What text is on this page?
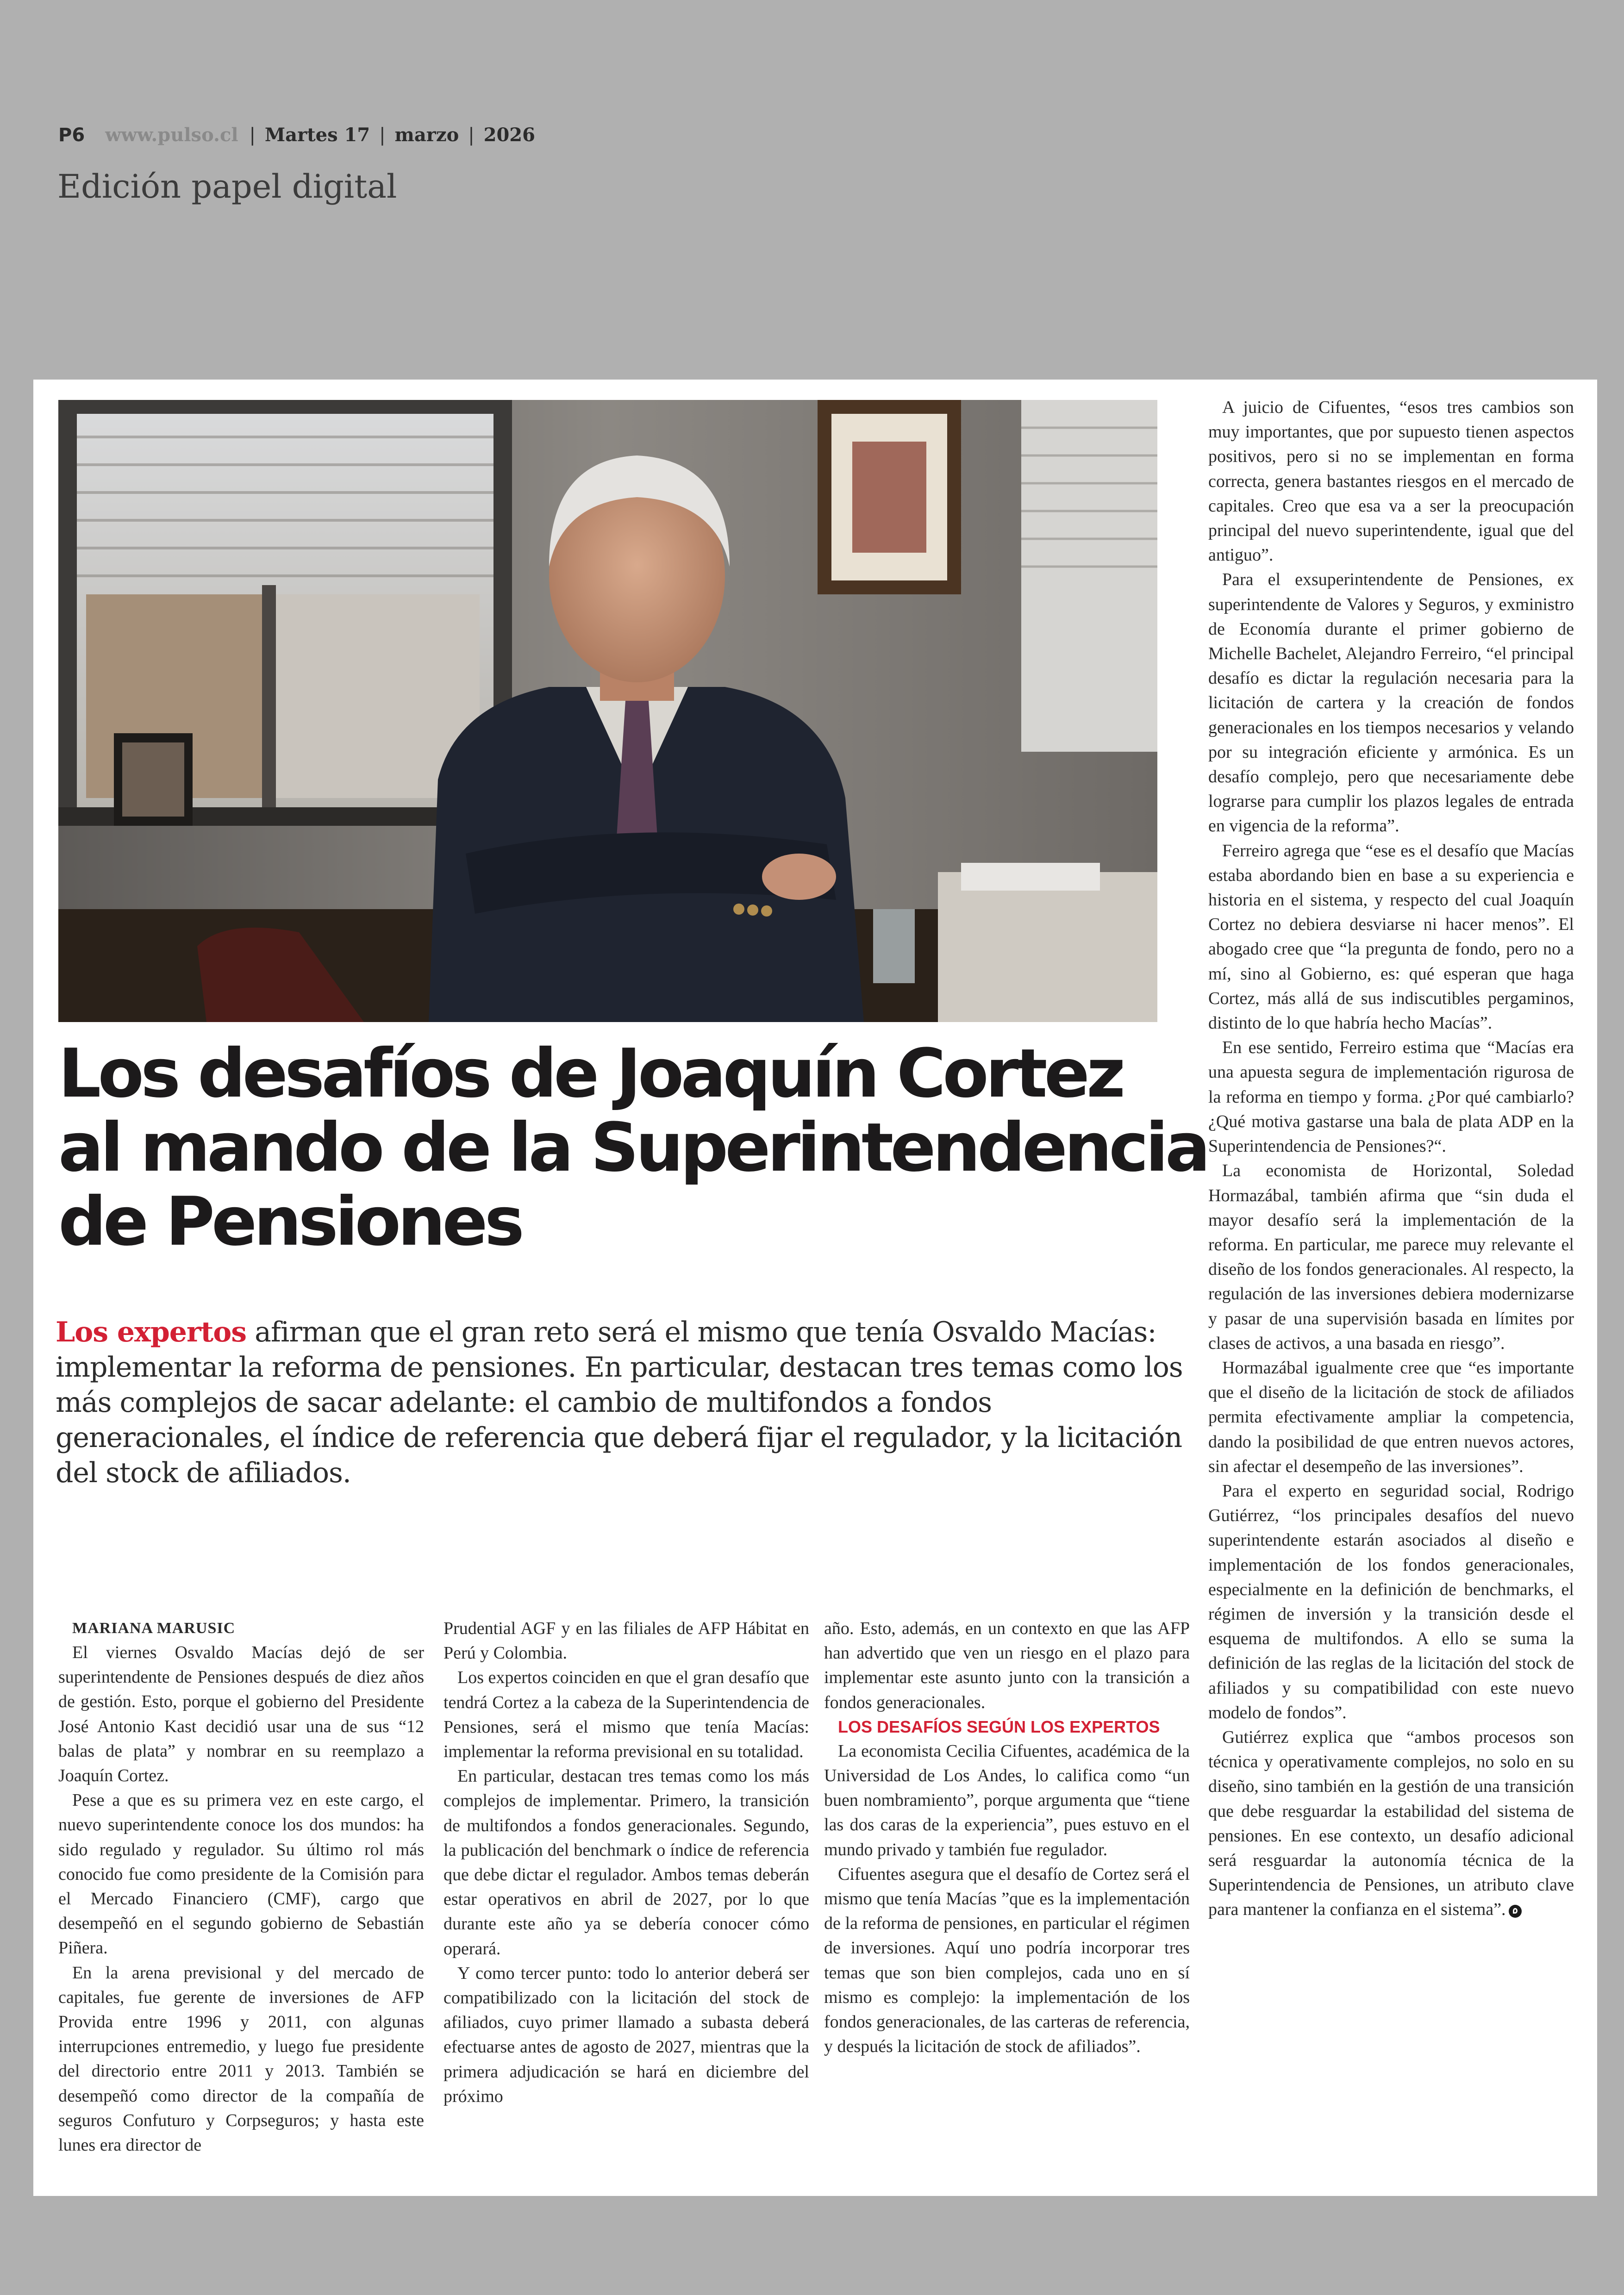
P6 www.pulso.cl | Martes 17 | marzo | 2026
Edición papel digital
Los desafíos de Joaquín Cortez
al mando de la Superintendencia
de Pensiones

Los expertos afirman que el gran reto será el mismo que tenía Osvaldo Macías: implementar la reforma de pensiones. En particular, destacan tres temas como los más complejos de sacar adelante: el cambio de multifondos a fondos generacionales, el índice de referencia que deberá fijar el regulador, y la licitación del stock de afiliados.

MARIANA MARUSIC

El viernes Osvaldo Macías dejó de ser superintendente de Pensiones después de diez años de gestión. Esto, porque el gobierno del Presidente José Antonio Kast decidió usar una de sus “12 balas de plata” y nombrar en su reemplazo a Joaquín Cortez.

Pese a que es su primera vez en este cargo, el nuevo superintendente conoce los dos mundos: ha sido regulado y regulador. Su último rol más conocido fue como presidente de la Comisión para el Mercado Financiero (CMF), cargo que desempeñó en el segundo gobierno de Sebastián Piñera.

En la arena previsional y del mercado de capitales, fue gerente de inversiones de AFP Provida entre 1996 y 2011, con algunas interrupciones entremedio, y luego fue presidente del directorio entre 2011 y 2013. También se desempeñó como director de la compañía de seguros Confuturo y Corpseguros; y hasta este lunes era director de

Prudential AGF y en las filiales de AFP Hábitat en Perú y Colombia.

Los expertos coinciden en que el gran desafío que tendrá Cortez a la cabeza de la Superintendencia de Pensiones, será el mismo que tenía Macías: implementar la reforma previsional en su totalidad.

En particular, destacan tres temas como los más complejos de implementar. Primero, la transición de multifondos a fondos generacionales. Segundo, la publicación del benchmark o índice de referencia que debe dictar el regulador. Ambos temas deberán estar operativos en abril de 2027, por lo que durante este año ya se debería conocer cómo operará.

Y como tercer punto: todo lo anterior deberá ser compatibilizado con la licitación del stock de afiliados, cuyo primer llamado a subasta deberá efectuarse antes de agosto de 2027, mientras que la primera adjudicación se hará en diciembre del próximo

año. Esto, además, en un contexto en que las AFP han advertido que ven un riesgo en el plazo para implementar este asunto junto con la transición a fondos generacionales.

LOS DESAFÍOS SEGÚN LOS EXPERTOS

La economista Cecilia Cifuentes, académica de la Universidad de Los Andes, lo califica como “un buen nombramiento”, porque argumenta que “tiene las dos caras de la experiencia”, pues estuvo en el mundo privado y también fue regulador.

Cifuentes asegura que el desafío de Cortez será el mismo que tenía Macías ”que es la implementación de la reforma de pensiones, en particular el régimen de inversiones. Aquí uno podría incorporar tres temas que son bien complejos, cada uno en sí mismo es complejo: la implementación de los fondos generacionales, de las carteras de referencia, y después la licitación de stock de afiliados”.

A juicio de Cifuentes, “esos tres cambios son muy importantes, que por supuesto tienen aspectos positivos, pero si no se implementan en forma correcta, genera bastantes riesgos en el mercado de capitales. Creo que esa va a ser la preocupación principal del nuevo superintendente, igual que del antiguo”.

Para el exsuperintendente de Pensiones, ex superintendente de Valores y Seguros, y exministro de Economía durante el primer gobierno de Michelle Bachelet, Alejandro Ferreiro, “el principal desafío es dictar la regulación necesaria para la licitación de cartera y la creación de fondos generacionales en los tiempos necesarios y velando por su integración eficiente y armónica. Es un desafío complejo, pero que necesariamente debe lograrse para cumplir los plazos legales de entrada en vigencia de la reforma”.

Ferreiro agrega que “ese es el desafío que Macías estaba abordando bien en base a su experiencia e historia en el sistema, y respecto del cual Joaquín Cortez no debiera desviarse ni hacer menos”. El abogado cree que “la pregunta de fondo, pero no a mí, sino al Gobierno, es: qué esperan que haga Cortez, más allá de sus indiscutibles pergaminos, distinto de lo que habría hecho Macías”.

En ese sentido, Ferreiro estima que “Macías era una apuesta segura de implementación rigurosa de la reforma en tiempo y forma. ¿Por qué cambiarlo? ¿Qué motiva gastarse una bala de plata ADP en la Superintendencia de Pensiones?“.

La economista de Horizontal, Soledad Hormazábal, también afirma que “sin duda el mayor desafío será la implementación de la reforma. En particular, me parece muy relevante el diseño de los fondos generacionales. Al respecto, la regulación de las inversiones debiera modernizarse y pasar de una supervisión basada en límites por clases de activos, a una basada en riesgo”.

Hormazábal igualmente cree que “es importante que el diseño de la licitación de stock de afiliados permita efectivamente ampliar la competencia, dando la posibilidad de que entren nuevos actores, sin afectar el desempeño de las inversiones”.

Para el experto en seguridad social, Rodrigo Gutiérrez, “los principales desafíos del nuevo superintendente estarán asociados al diseño e implementación de los fondos generacionales, especialmente en la definición de benchmarks, el régimen de inversión y la transición desde el esquema de multifondos. A ello se suma la definición de las reglas de la licitación del stock de afiliados y su compatibilidad con este nuevo modelo de fondos”.

Gutiérrez explica que “ambos procesos son técnica y operativamente complejos, no solo en su diseño, sino también en la gestión de una transición que debe resguardar la estabilidad del sistema de pensiones. En ese contexto, un desafío adicional será resguardar la autonomía técnica de la Superintendencia de Pensiones, un atributo clave para mantener la confianza en el sistema”.
